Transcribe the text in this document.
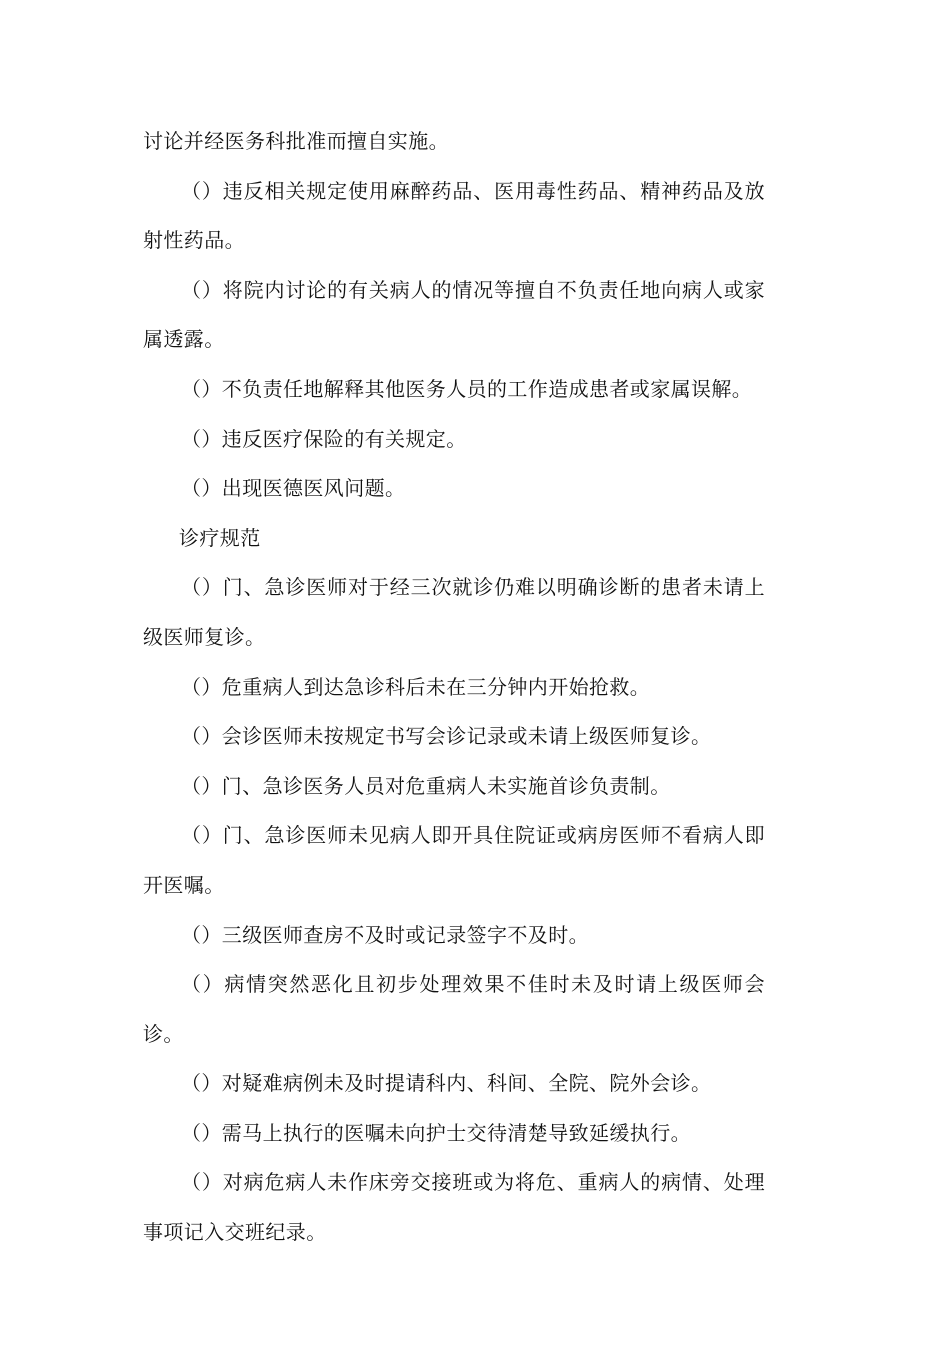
讨论并经医务科批准而擅自实施。

（）违反相关规定使用麻醉药品、医用毒性药品、精神药品及放射性药品。

（）将院内讨论的有关病人的情况等擅自不负责任地向病人或家属透露。

（）不负责任地解释其他医务人员的工作造成患者或家属误解。

（）违反医疗保险的有关规定。

（）出现医德医风问题。

诊疗规范

（）门、急诊医师对于经三次就诊仍难以明确诊断的患者未请上级医师复诊。

（）危重病人到达急诊科后未在三分钟内开始抢救。

（）会诊医师未按规定书写会诊记录或未请上级医师复诊。

（）门、急诊医务人员对危重病人未实施首诊负责制。

（）门、急诊医师未见病人即开具住院证或病房医师不看病人即开医嘱。

（）三级医师查房不及时或记录签字不及时。

（）病情突然恶化且初步处理效果不佳时未及时请上级医师会诊。

（）对疑难病例未及时提请科内、科间、全院、院外会诊。

（）需马上执行的医嘱未向护士交待清楚导致延缓执行。

（）对病危病人未作床旁交接班或为将危、重病人的病情、处理事项记入交班纪录。
